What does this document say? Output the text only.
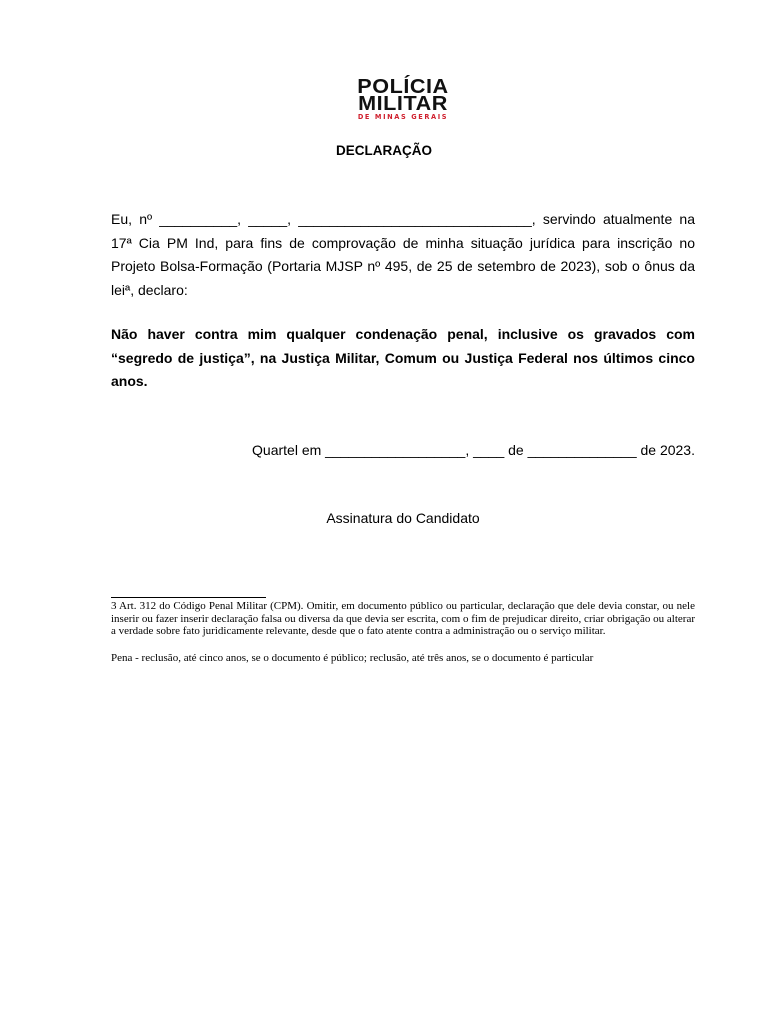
POLÍCIA
MILITAR
DE MINAS GERAIS
DECLARAÇÃO

Eu, nº __________, _____, ______________________________, servindo atualmente na 17ª Cia PM Ind, para fins de comprovação de minha situação jurídica para inscrição no Projeto Bolsa-Formação (Portaria MJSP nº 495, de 25 de setembro de 2023), sob o ônus da leiª, declaro:

Não haver contra mim qualquer condenação penal, inclusive os gravados com “segredo de justiça”, na Justiça Militar, Comum ou Justiça Federal nos últimos cinco anos.

Quartel em __________________, ____ de ______________ de 2023.
Assinatura do Candidato

3 Art. 312 do Código Penal Militar (CPM). Omitir, em documento público ou particular, declaração que dele devia constar, ou nele inserir ou fazer inserir declaração falsa ou diversa da que devia ser escrita, com o fim de prejudicar direito, criar obrigação ou alterar a verdade sobre fato juridicamente relevante, desde que o fato atente contra a administração ou o serviço militar.

Pena - reclusão, até cinco anos, se o documento é público; reclusão, até três anos, se o documento é particular
